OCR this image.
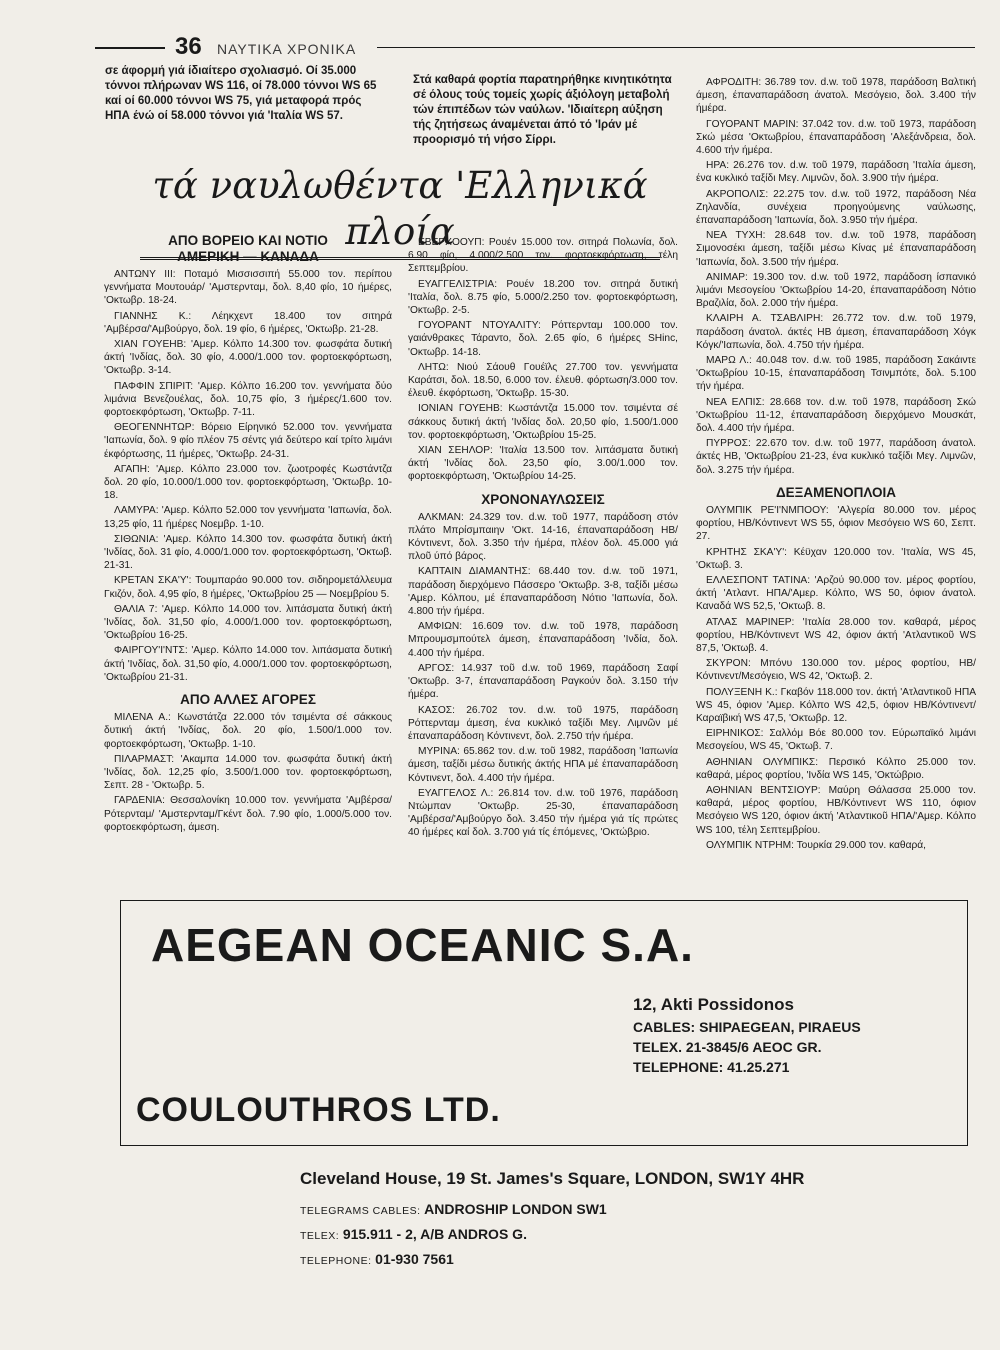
36 ΝΑΥΤΙΚΑ ΧΡΟΝΙΚΑ

σε άφορμή γιά ίδιαίτερο σχολιασμό. Οί 35.000 τόννοι πλήρωναν WS 116, οί 78.000 τόννοι WS 65 καί οί 60.000 τόννοι WS 75, γιά μεταφορά πρός ΗΠΑ ένώ οί 58.000 τόννοι γιά 'Ιταλία WS 57.

Στά καθαρά φορτία παρατηρήθηκε κινητικότητα σέ όλους τούς τομείς χωρίς άξιόλογη μεταβολή τών έπιπέδων τών ναύλων. 'Ιδιαίτερη αύξηση τής ζητήσεως άναμένεται άπό τό 'Ιράν μέ προορισμό τή νήσο Σίρρι.

τά ναυλωθέντα 'Ελληνικά πλοία
ΑΠΟ ΒΟΡΕΙΟ ΚΑΙ ΝΟΤΙΟ
ΑΜΕΡΙΚΗ — ΚΑΝΑΔΑ

ΑΝΤΩΝΥ ΙΙΙ: Ποταμό Μισσισσιπή 55.000 τον. περίπου γεννήματα Μουτουάρ/ 'Αμστερνταμ, δολ. 8,40 φίο, 10 ήμέρες, 'Οκτωβρ. 18-24.

ΓΙΑΝΝΗΣ Κ.: Λέηκχεντ 18.400 τον σιτηρά 'Αμβέρσα/'Αμβούργο, δολ. 19 φίο, 6 ήμέρες, 'Οκτωβρ. 21-28.

ΧΙΑΝ ΓΟΥΕΗΒ: 'Αμερ. Κόλπο 14.300 τον. φωσφάτα δυτική άκτή 'Ινδίας, δολ. 30 φίο, 4.000/1.000 τον. φορτοεκφόρτωση, 'Οκτωβρ. 3-14.

ΠΑΦΦΙΝ ΣΠΙΡΙΤ: 'Αμερ. Κόλπο 16.200 τον. γεννήματα δύο λιμάνια Βενεζουέλας, δολ. 10,75 φίο, 3 ήμέρες/1.600 τον. φορτοεκφόρτωση, 'Οκτωβρ. 7-11.

ΘΕΟΓΕΝΝΗΤΩΡ: Βόρειο Είρηνικό 52.000 τον. γεννήματα 'Ιαπωνία, δολ. 9 φίο πλέον 75 σέντς γιά δεύτερο καί τρίτο λιμάνι έκφόρτωσης, 11 ήμέρες, 'Οκτωβρ. 24-31.

ΑΓΑΠΗ: 'Αμερ. Κόλπο 23.000 τον. ζωοτροφές Κωστάντζα δολ. 20 φίο, 10.000/1.000 τον. φορτοεκφόρτωση, 'Οκτωβρ. 10-18.

ΛΑΜΥΡΑ: 'Αμερ. Κόλπο 52.000 τον γεννήματα 'Ιαπωνία, δολ. 13,25 φίο, 11 ήμέρες Νοεμβρ. 1-10.

ΣΙΘΩΝΙΑ: 'Αμερ. Κόλπο 14.300 τον. φωσφάτα δυτική άκτή 'Ινδίας, δολ. 31 φίο, 4.000/1.000 τον. φορτοεκφόρτωση, 'Οκτωβ. 21-31.

ΚΡΕΤΑΝ ΣΚΑ'Υ': Τουμπαράο 90.000 τον. σιδηρομετάλλευμα Γκιζόν, δολ. 4,95 φίο, 8 ήμέρες, 'Οκτωβρίου 25 — Νοεμβρίου 5.

ΘΑΛΙΑ 7: 'Αμερ. Κόλπο 14.000 τον. λιπάσματα δυτική άκτή 'Ινδίας, δολ. 31,50 φίο, 4.000/1.000 τον. φορτοεκφόρτωση, 'Οκτωβρίου 16-25.

ΦΑΙΡΓΟΥ'Ι'ΝΤΣ: 'Αμερ. Κόλπο 14.000 τον. λιπάσματα δυτική άκτή 'Ινδίας, δολ. 31,50 φίο, 4.000/1.000 τον. φορτοεκφόρτωση, 'Οκτωβρίου 21-31.

ΑΠΟ ΑΛΛΕΣ ΑΓΟΡΕΣ

ΜΙΛΕΝΑ Α.: Κωνστάτζα 22.000 τόν τσιμέντα σέ σάκκους δυτική άκτή 'Ινδίας, δολ. 20 φίο, 1.500/1.000 τον. φορτοεκφόρτωση, 'Οκτωβρ. 1-10.

ΠΙΛΑΡΜΑΣΤ: 'Ακαμπα 14.000 τον. φωσφάτα δυτική άκτή 'Ινδίας, δολ. 12,25 φίο, 3.500/1.000 τον. φορτοεκφόρτωση, Σεπτ. 28 - 'Οκτωβρ. 5.

ΓΑΡΔΕΝΙΑ: Θεσσαλονίκη 10.000 τον. γεννήματα 'Αμβέρσα/Ρότερνταμ/ 'Αμστερνταμ/Γκέντ δολ. 7.90 φίο, 1.000/5.000 τον. φορτοεκφόρτωση, άμεση.

ΕΒΕΡΧΟΟΥΠ: Ρουέν 15.000 τον. σιτηρά Πολωνία, δολ. 6.90 φίο, 4.000/2.500 τον. φορτοεκφόρτωση, τέλη Σεπτεμβρίου.

ΕΥΑΓΓΕΛΙΣΤΡΙΑ: Ρουέν 18.200 τον. σιτηρά δυτική 'Ιταλία, δολ. 8.75 φίο, 5.000/2.250 τον. φορτοεκφόρτωση, 'Οκτωβρ. 2-5.

ΓΟΥΟΡΑΝΤ ΝΤΟΥΑΛΙΤΥ: Ρόττερνταμ 100.000 τον. γαιάνθρακες Τάραντο, δολ. 2.65 φίο, 6 ήμέρες SHinc, 'Οκτωβρ. 14-18.

ΛΗΤΩ: Νιού Σάουθ Γουέϊλς 27.700 τον. γεννήματα Καράτσι, δολ. 18.50, 6.000 τον. έλευθ. φόρτωση/3.000 τον. έλευθ. έκφόρτωση, 'Οκτωβρ. 15-30.

ΙΟΝΙΑΝ ΓΟΥΕΗΒ: Κωστάντζα 15.000 τον. τσιμέντα σέ σάκκους δυτική άκτή 'Ινδίας δολ. 20,50 φίο, 1.500/1.000 τον. φορτοεκφόρτωση, 'Οκτωβρίου 15-25.

ΧΙΑΝ ΣΕΗΛΟΡ: 'Ιταλία 13.500 τον. λιπάσματα δυτική άκτή 'Ινδίας δολ. 23,50 φίο, 3.00/1.000 τον. φορτοεκφόρτωση, 'Οκτωβρίου 14-25.

ΧΡΟΝΟΝΑΥΛΩΣΕΙΣ

ΑΛΚΜΑΝ: 24.329 τον. d.w. τοῦ 1977, παράδοση στόν πλάτο Μπρίσμπαιην 'Οκτ. 14-16, έπαναπαράδοση ΗΒ/Κόντινεντ, δολ. 3.350 τήν ήμέρα, πλέον δολ. 45.000 γιά πλοῦ ύπό βάρος.

ΚΑΠΤΑΙΝ ΔΙΑΜΑΝΤΗΣ: 68.440 τον. d.w. τοῦ 1971, παράδοση διερχόμενο Πάσσερο 'Οκτωβρ. 3-8, ταξίδι μέσω 'Αμερ. Κόλπου, μέ έπαναπαράδοση Νότιο 'Ιαπωνία, δολ. 4.800 τήν ήμέρα.

ΑΜΦΙΩΝ: 16.609 τον. d.w. τοῦ 1978, παράδοση Μπρουμσμπούτελ άμεση, έπαναπαράδοση 'Ινδία, δολ. 4.400 τήν ήμέρα.

ΑΡΓΟΣ: 14.937 τοῦ d.w. τοῦ 1969, παράδοση Σαφί 'Οκτωβρ. 3-7, έπαναπαράδοση Ραγκούν δολ. 3.150 τήν ήμέρα.

ΚΑΣΟΣ: 26.702 τον. d.w. τοῦ 1975, παράδοση Ρόττερνταμ άμεση, ένα κυκλικό ταξίδι Μεγ. Λιμνῶν μέ έπαναπαράδοση Κόντινεντ, δολ. 2.750 τήν ήμέρα.

ΜΥΡΙΝΑ: 65.862 τον. d.w. τοῦ 1982, παράδοση 'Ιαπωνία άμεση, ταξίδι μέσω δυτικής άκτής ΗΠΑ μέ έπαναπαράδοση Κόντινεντ, δολ. 4.400 τήν ήμέρα.

ΕΥΑΓΓΕΛΟΣ Λ.: 26.814 τον. d.w. τοῦ 1976, παράδοση Ντώμπαν 'Οκτωβρ. 25-30, έπαναπαράδοση 'Αμβέρσα/'Αμβούργο δολ. 3.450 τήν ήμέρα γιά τίς πρώτες 40 ήμέρες καί δολ. 3.700 γιά τίς έπόμενες, 'Οκτώβριο.

ΑΦΡΟΔΙΤΗ: 36.789 τον. d.w. τοῦ 1978, παράδοση Βαλτική άμεση, έπαναπαράδοση άνατολ. Μεσόγειο, δολ. 3.400 τήν ήμέρα.

ΓΟΥΟΡΑΝΤ ΜΑΡΙΝ: 37.042 τον. d.w. τοῦ 1973, παράδοση Σκώ μέσα 'Οκτωβρίου, έπαναπαράδοση 'Αλεξάνδρεια, δολ. 4.600 τήν ήμέρα.

ΗΡΑ: 26.276 τον. d.w. τοῦ 1979, παράδοση 'Ιταλία άμεση, ένα κυκλικό ταξίδι Μεγ. Λιμνῶν, δολ. 3.900 τήν ήμέρα.

ΑΚΡΟΠΟΛΙΣ: 22.275 τον. d.w. τοῦ 1972, παράδοση Νέα Ζηλανδία, συνέχεια προηγούμενης ναύλωσης, έπαναπαράδοση 'Ιαπωνία, δολ. 3.950 τήν ήμέρα.

ΝΕΑ ΤΥΧΗ: 28.648 τον. d.w. τοῦ 1978, παράδοση Σιμονοσέκι άμεση, ταξίδι μέσω Κίνας μέ έπαναπαράδοση 'Ιαπωνία, δολ. 3.500 τήν ήμέρα.

ΑΝΙΜΑΡ: 19.300 τον. d.w. τοῦ 1972, παράδοση ίσπανικό λιμάνι Μεσογείου 'Οκτωβρίου 14-20, έπαναπαράδοση Νότιο Βραζιλία, δολ. 2.000 τήν ήμέρα.

ΚΛΑΙΡΗ Α. ΤΣΑΒΛΙΡΗ: 26.772 τον. d.w. τοῦ 1979, παράδοση άνατολ. άκτές ΗΒ άμεση, έπαναπαράδοση Χόγκ Κόγκ/'Ιαπωνία, δολ. 4.750 τήν ήμέρα.

ΜΑΡΩ Λ.: 40.048 τον. d.w. τοῦ 1985, παράδοση Σακάιντε 'Οκτωβρίου 10-15, έπαναπαράδοση Τσινμπότε, δολ. 5.100 τήν ήμέρα.

ΝΕΑ ΕΛΠΙΣ: 28.668 τον. d.w. τοῦ 1978, παράδοση Σκώ 'Οκτωβρίου 11-12, έπαναπαράδοση διερχόμενο Μουσκάτ, δολ. 4.400 τήν ήμέρα.

ΠΥΡΡΟΣ: 22.670 τον. d.w. τοῦ 1977, παράδοση άνατολ. άκτές ΗΒ, 'Οκτωβρίου 21-23, ένα κυκλικό ταξίδι Μεγ. Λιμνῶν, δολ. 3.275 τήν ήμέρα.

ΔΕΞΑΜΕΝΟΠΛΟΙΑ

ΟΛΥΜΠΙΚ ΡΕ'Ι'ΝΜΠΟΟΥ: 'Αλγερία 80.000 τον. μέρος φορτίου, ΗΒ/Κόντινεντ WS 55, όφιον Μεσόγειο WS 60, Σεπτ. 27.

ΚΡΗΤΗΣ ΣΚΑ'Υ': Κέϋχαν 120.000 τον. 'Ιταλία, WS 45, 'Οκτωβ. 3.

ΕΛΛΕΣΠΟΝΤ ΤΑΤΙΝΑ: 'Αρζού 90.000 τον. μέρος φορτίου, άκτή 'Ατλαντ. ΗΠΑ/'Αμερ. Κόλπο, WS 50, όφιον άνατολ. Καναδά WS 52,5, 'Οκτωβ. 8.

ΑΤΛΑΣ ΜΑΡΙΝΕΡ: 'Ιταλία 28.000 τον. καθαρά, μέρος φορτίου, ΗΒ/Κόντινεντ WS 42, όφιον άκτή 'Ατλαντικοῦ WS 87,5, 'Οκτωβ. 4.

ΣΚΥΡΟΝ: Μπόνυ 130.000 τον. μέρος φορτίου, ΗΒ/Κόντινεντ/Μεσόγειο, WS 42, 'Οκτωβ. 2.

ΠΟΛΥΞΕΝΗ Κ.: Γκαβόν 118.000 τον. άκτή 'Ατλαντικοῦ ΗΠΑ WS 45, όφιον 'Αμερ. Κόλπο WS 42,5, όφιον ΗΒ/Κόντινεντ/Καραϊβική WS 47,5, 'Οκτωβρ. 12.

ΕΙΡΗΝΙΚΟΣ: Σαλλόμ Βόε 80.000 τον. Εύρωπαϊκό λιμάνι Μεσογείου, WS 45, 'Οκτωβ. 7.

ΑΘΗΝΙΑΝ ΟΛΥΜΠΙΚΣ: Περσικό Κόλπο 25.000 τον. καθαρά, μέρος φορτίου, 'Ινδία WS 145, 'Οκτώβριο.

ΑΘΗΝΙΑΝ ΒΕΝΤΣΙΟΥΡ: Μαύρη Θάλασσα 25.000 τον. καθαρά, μέρος φορτίου, ΗΒ/Κόντινεντ WS 110, όφιον Μεσόγειο WS 120, όφιον άκτή 'Ατλαντικοῦ ΗΠΑ/'Αμερ. Κόλπο WS 100, τέλη Σεπτεμβρίου.

ΟΛΥΜΠΙΚ ΝΤΡΗΜ: Τουρκία 29.000 τον. καθαρά,

AEGEAN OCEANIC S.A.
12, Akti Possidonos
CABLES: SHIPAEGEAN, PIRAEUS
TELEX. 21-3845/6 AEOC GR.
TELEPHONE: 41.25.271
COULOUTHROS LTD.
Cleveland House, 19 St. James's Square, LONDON, SW1Y 4HR
TELEGRAMS CABLES: ANDROSHIP LONDON SW1
TELEX: 915.911 - 2, A/B ANDROS G.
TELEPHONE: 01-930 7561
